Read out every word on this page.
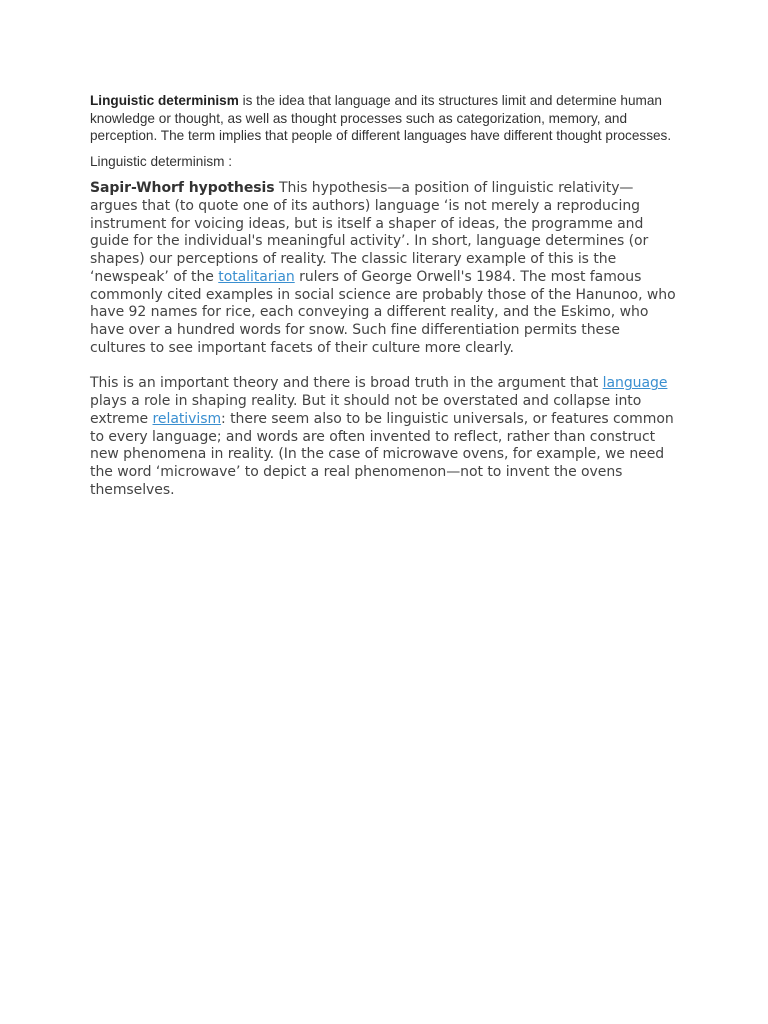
Linguistic determinism is the idea that language and its structures limit and determine human knowledge or thought, as well as thought processes such as categorization, memory, and perception. The term implies that people of different languages have different thought processes.

Linguistic determinism :

Sapir-Whorf hypothesis This hypothesis—a position of linguistic relativity—argues that (to quote one of its authors) language ‘is not merely a reproducing instrument for voicing ideas, but is itself a shaper of ideas, the programme and guide for the individual's meaningful activity’. In short, language determines (or shapes) our perceptions of reality. The classic literary example of this is the ‘newspeak’ of the totalitarian rulers of George Orwell's 1984. The most famous commonly cited examples in social science are probably those of the Hanunoo, who have 92 names for rice, each conveying a different reality, and the Eskimo, who have over a hundred words for snow. Such fine differentiation permits these cultures to see important facets of their culture more clearly.

This is an important theory and there is broad truth in the argument that language plays a role in shaping reality. But it should not be overstated and collapse into extreme relativism: there seem also to be linguistic universals, or features common to every language; and words are often invented to reflect, rather than construct new phenomena in reality. (In the case of microwave ovens, for example, we need the word ‘microwave’ to depict a real phenomenon—not to invent the ovens themselves.
